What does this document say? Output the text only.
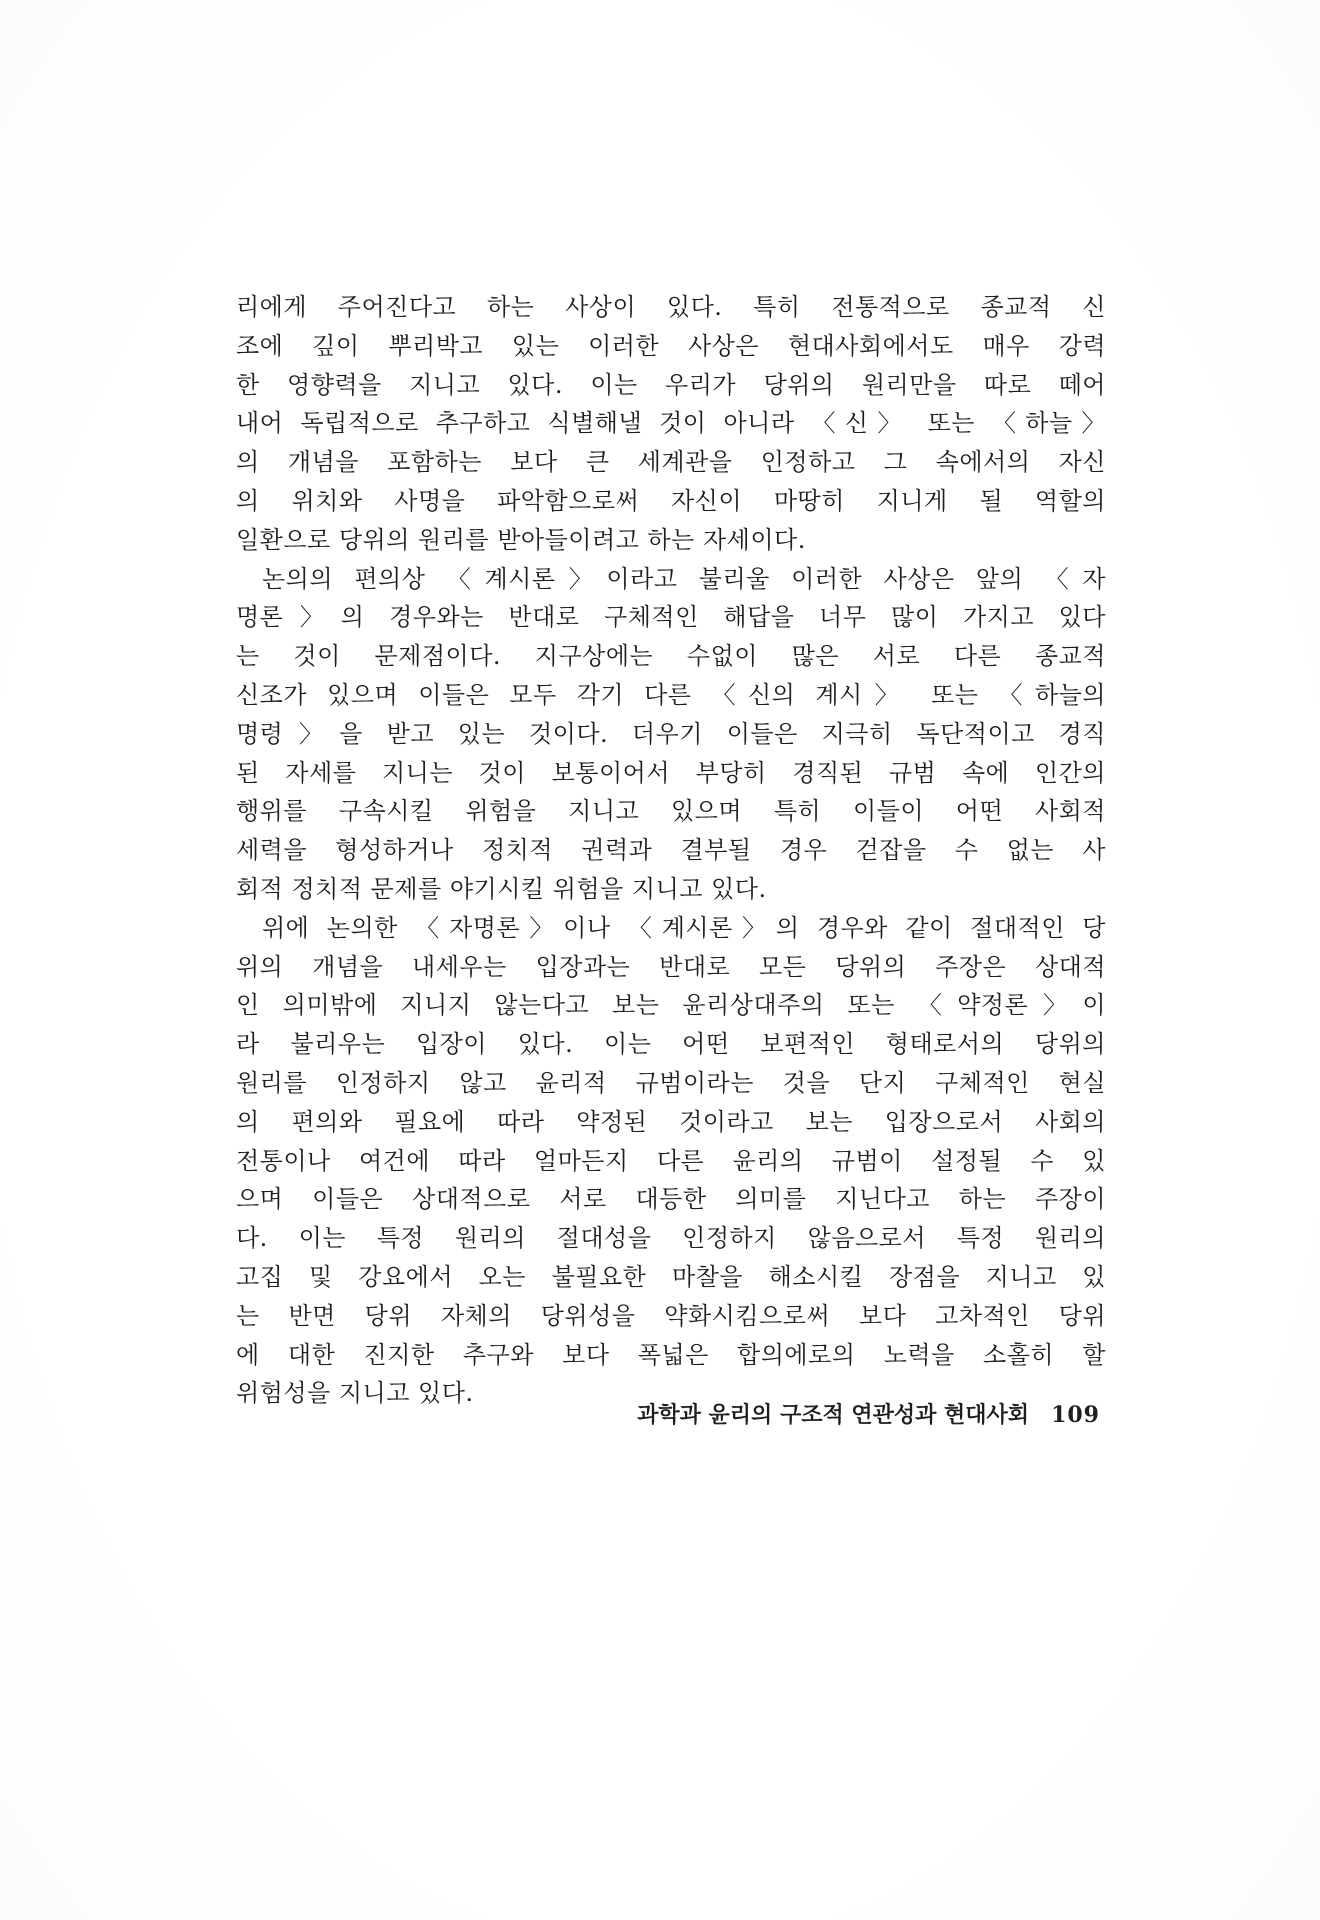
리에게 주어진다고 하는 사상이 있다. 특히 전통적으로 종교적 신
조에 깊이 뿌리박고 있는 이러한 사상은 현대사회에서도 매우 강력
한 영향력을 지니고 있다. 이는 우리가 당위의 원리만을 따로 떼어
내어 독립적으로 추구하고 식별해낼 것이 아니라 〈신〉 또는 〈하늘〉
의 개념을 포함하는 보다 큰 세계관을 인정하고 그 속에서의 자신
의 위치와 사명을 파악함으로써 자신이 마땅히 지니게 될 역할의
일환으로 당위의 원리를 받아들이려고 하는 자세이다.
논의의 편의상 〈계시론〉이라고 불리울 이러한 사상은 앞의 〈자
명론〉의 경우와는 반대로 구체적인 해답을 너무 많이 가지고 있다
는 것이 문제점이다. 지구상에는 수없이 많은 서로 다른 종교적
신조가 있으며 이들은 모두 각기 다른 〈신의 계시〉 또는 〈하늘의
명령〉을 받고 있는 것이다. 더우기 이들은 지극히 독단적이고 경직
된 자세를 지니는 것이 보통이어서 부당히 경직된 규범 속에 인간의
행위를 구속시킬 위험을 지니고 있으며 특히 이들이 어떤 사회적
세력을 형성하거나 정치적 권력과 결부될 경우 걷잡을 수 없는 사
회적 정치적 문제를 야기시킬 위험을 지니고 있다.
위에 논의한 〈자명론〉이나 〈계시론〉의 경우와 같이 절대적인 당
위의 개념을 내세우는 입장과는 반대로 모든 당위의 주장은 상대적
인 의미밖에 지니지 않는다고 보는 윤리상대주의 또는 〈약정론〉이
라 불리우는 입장이 있다. 이는 어떤 보편적인 형태로서의 당위의
원리를 인정하지 않고 윤리적 규범이라는 것을 단지 구체적인 현실
의 편의와 필요에 따라 약정된 것이라고 보는 입장으로서 사회의
전통이나 여건에 따라 얼마든지 다른 윤리의 규범이 설정될 수 있
으며 이들은 상대적으로 서로 대등한 의미를 지닌다고 하는 주장이
다. 이는 특정 원리의 절대성을 인정하지 않음으로서 특정 원리의
고집 및 강요에서 오는 불필요한 마찰을 해소시킬 장점을 지니고 있
는 반면 당위 자체의 당위성을 약화시킴으로써 보다 고차적인 당위
에 대한 진지한 추구와 보다 폭넓은 합의에로의 노력을 소홀히 할
위험성을 지니고 있다.
과학과 윤리의 구조적 연관성과 현대사회 109
